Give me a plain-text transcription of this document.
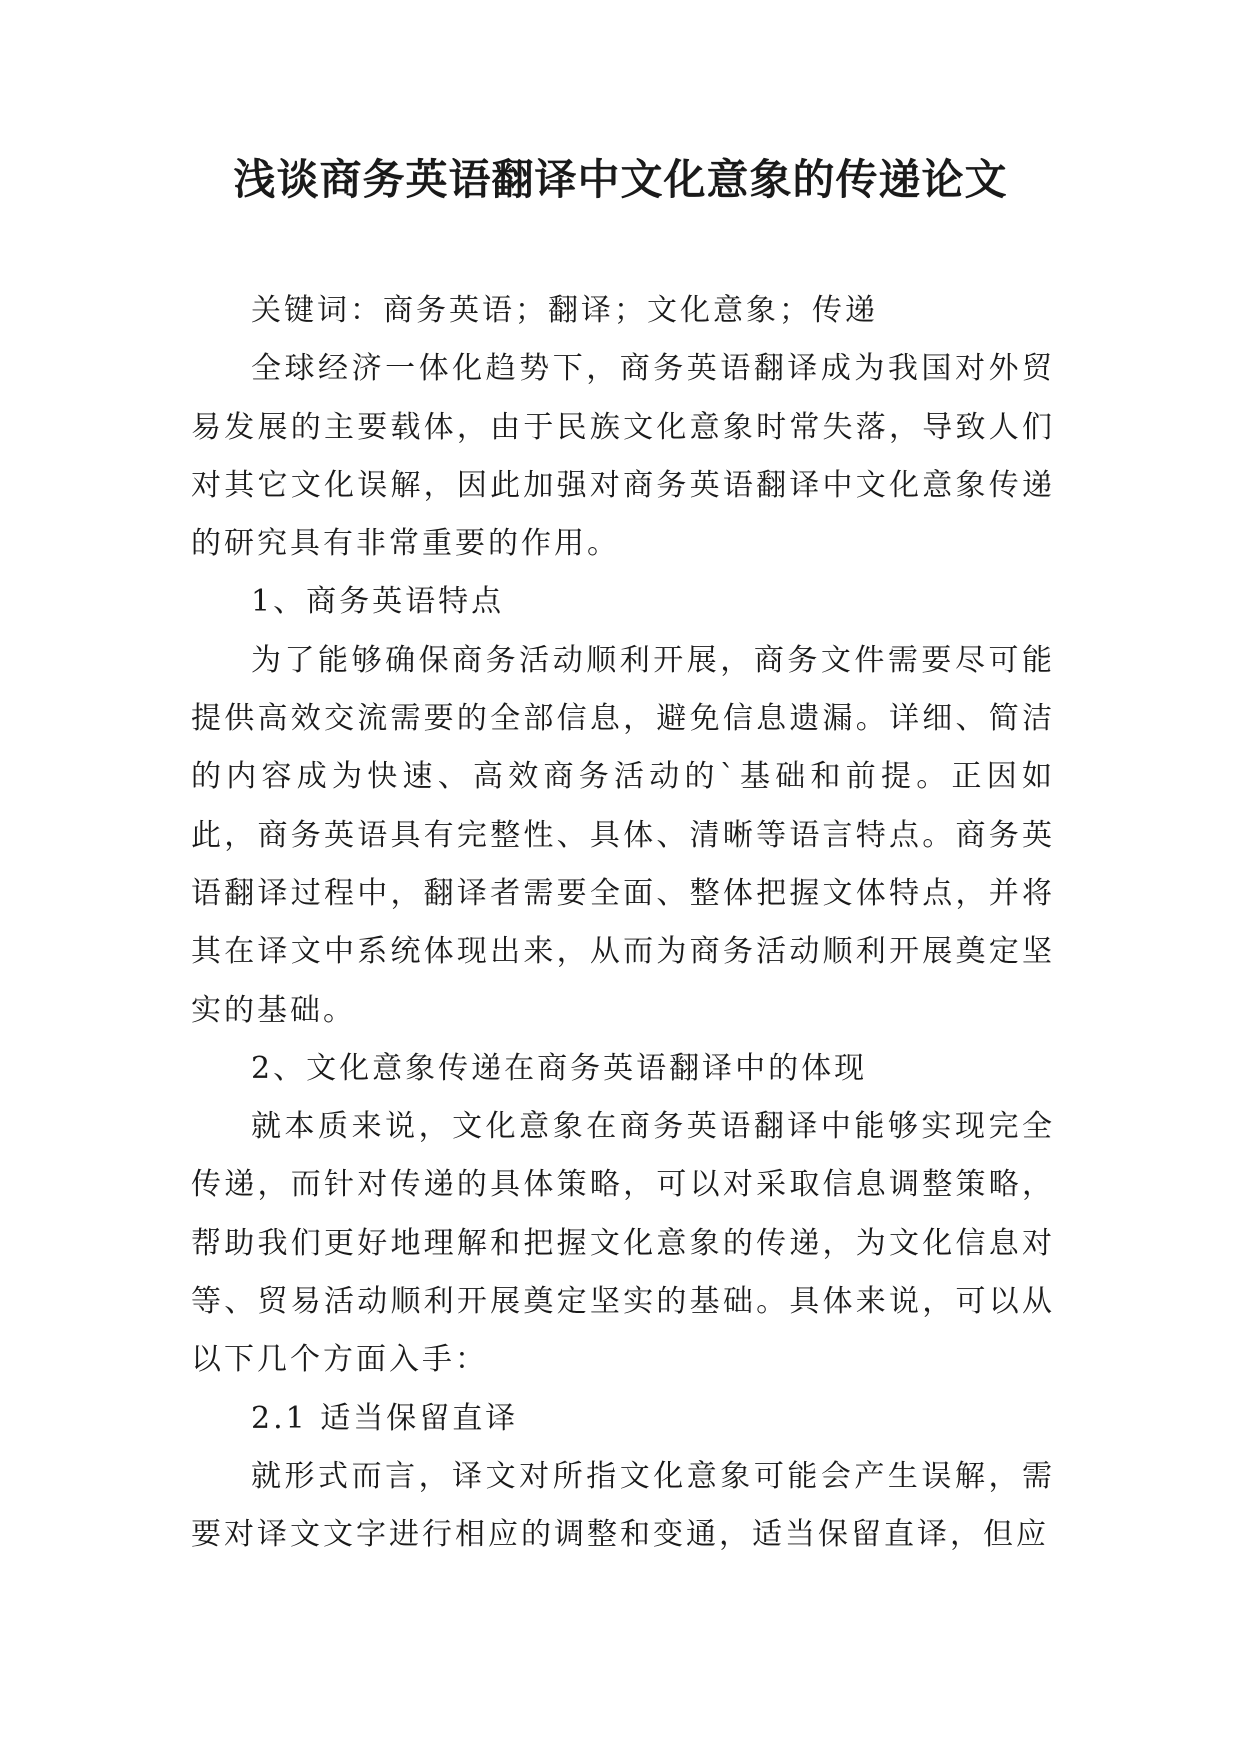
浅谈商务英语翻译中文化意象的传递论文

关键词：商务英语；翻译；文化意象；传递

全球经济一体化趋势下，商务英语翻译成为我国对外贸易发展的主要载体，由于民族文化意象时常失落，导致人们对其它文化误解，因此加强对商务英语翻译中文化意象传递的研究具有非常重要的作用。

1、商务英语特点

为了能够确保商务活动顺利开展，商务文件需要尽可能提供高效交流需要的全部信息，避免信息遗漏。详细、简洁的内容成为快速、高效商务活动的`基础和前提。正因如此，商务英语具有完整性、具体、清晰等语言特点。商务英语翻译过程中，翻译者需要全面、整体把握文体特点，并将其在译文中系统体现出来，从而为商务活动顺利开展奠定坚实的基础。

2、文化意象传递在商务英语翻译中的体现

就本质来说，文化意象在商务英语翻译中能够实现完全传递，而针对传递的具体策略，可以对采取信息调整策略，帮助我们更好地理解和把握文化意象的传递，为文化信息对等、贸易活动顺利开展奠定坚实的基础。具体来说，可以从以下几个方面入手：

2.1 适当保留直译

就形式而言，译文对所指文化意象可能会产生误解，需要对译文文字进行相应的调整和变通，适当保留直译，但应
